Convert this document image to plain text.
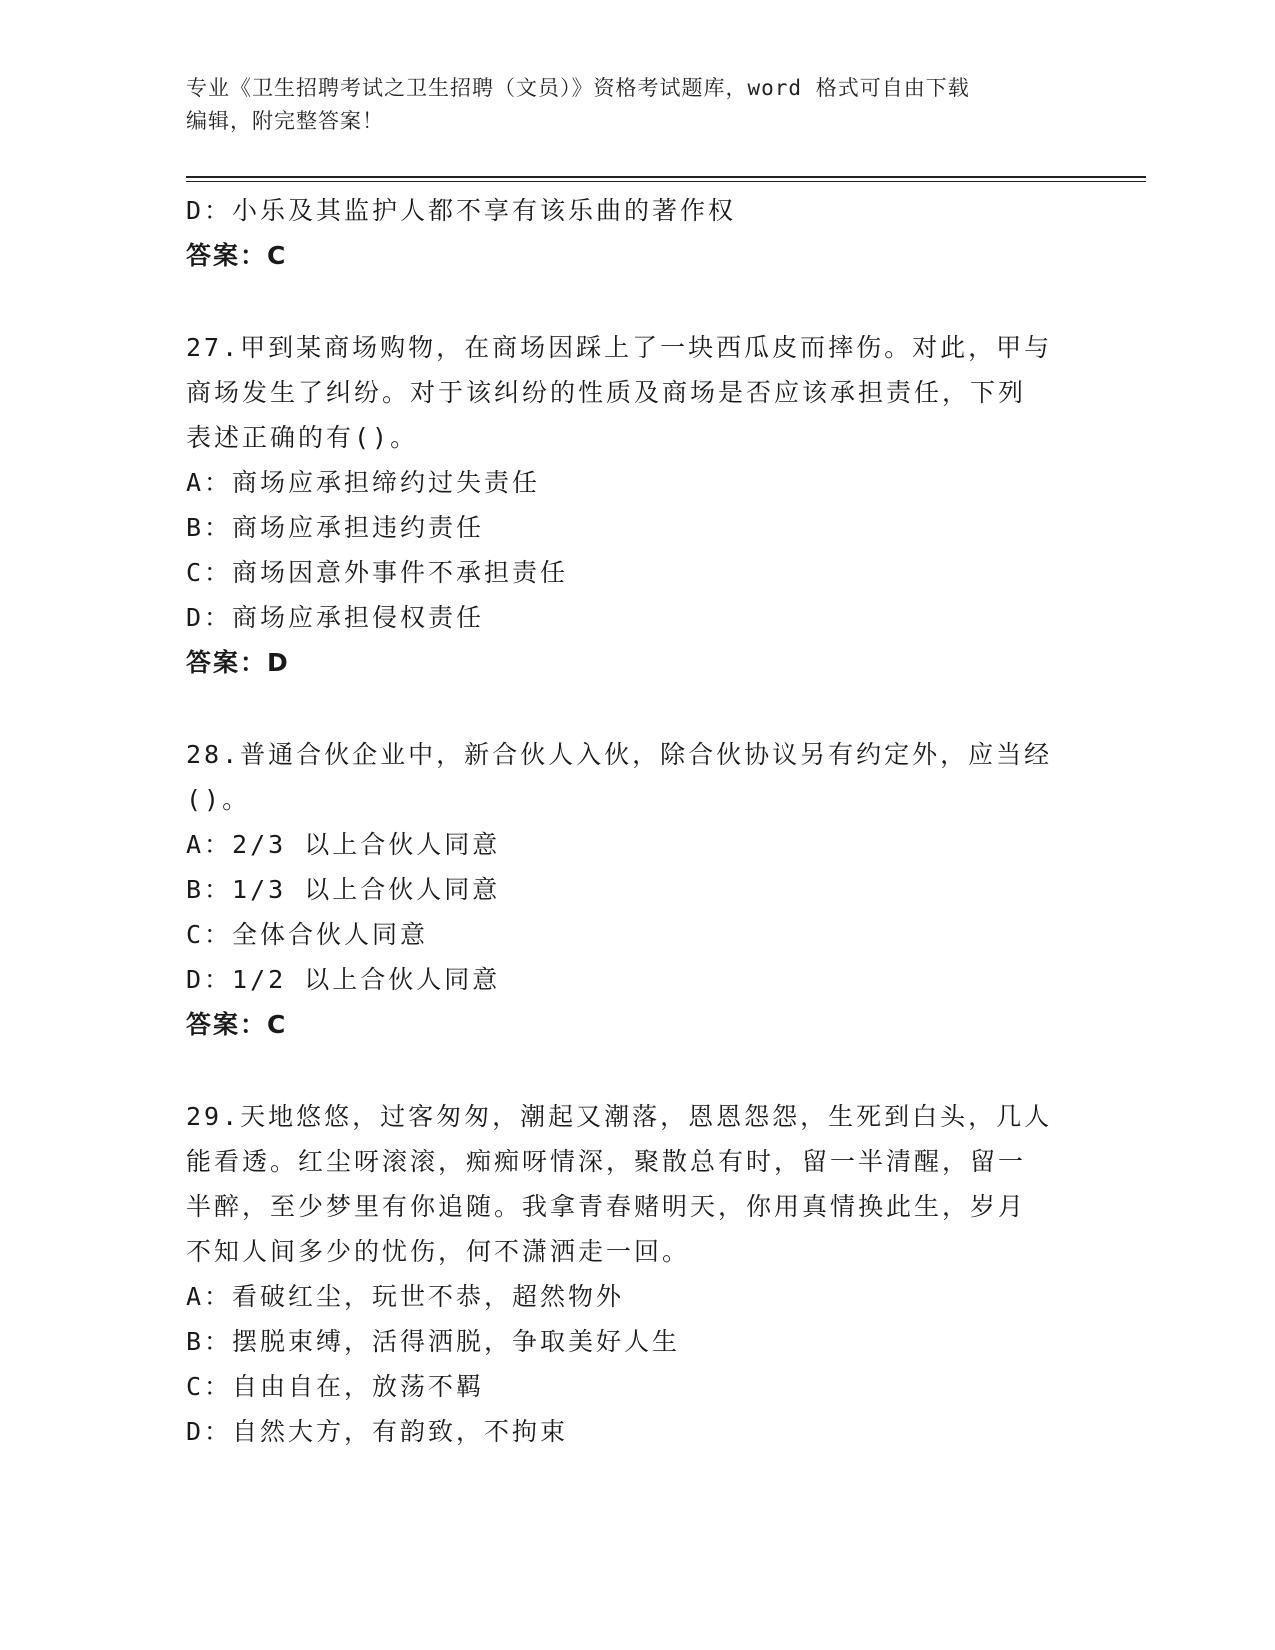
专业《卫生招聘考试之卫生招聘（文员）》资格考试题库，word 格式可自由下载
编辑，附完整答案！
D：小乐及其监护人都不享有该乐曲的著作权
答案：C
27.甲到某商场购物，在商场因踩上了一块西瓜皮而摔伤。对此，甲与
商场发生了纠纷。对于该纠纷的性质及商场是否应该承担责任，下列
表述正确的有()。
A：商场应承担缔约过失责任
B：商场应承担违约责任
C：商场因意外事件不承担责任
D：商场应承担侵权责任
答案：D
28.普通合伙企业中，新合伙人入伙，除合伙协议另有约定外，应当经
()。
A：2/3 以上合伙人同意
B：1/3 以上合伙人同意
C：全体合伙人同意
D：1/2 以上合伙人同意
答案：C
29.天地悠悠，过客匆匆，潮起又潮落，恩恩怨怨，生死到白头，几人
能看透。红尘呀滚滚，痴痴呀情深，聚散总有时，留一半清醒，留一
半醉，至少梦里有你追随。我拿青春赌明天，你用真情换此生，岁月
不知人间多少的忧伤，何不潇洒走一回。
A：看破红尘，玩世不恭，超然物外
B：摆脱束缚，活得洒脱，争取美好人生
C：自由自在，放荡不羁
D：自然大方，有韵致，不拘束
